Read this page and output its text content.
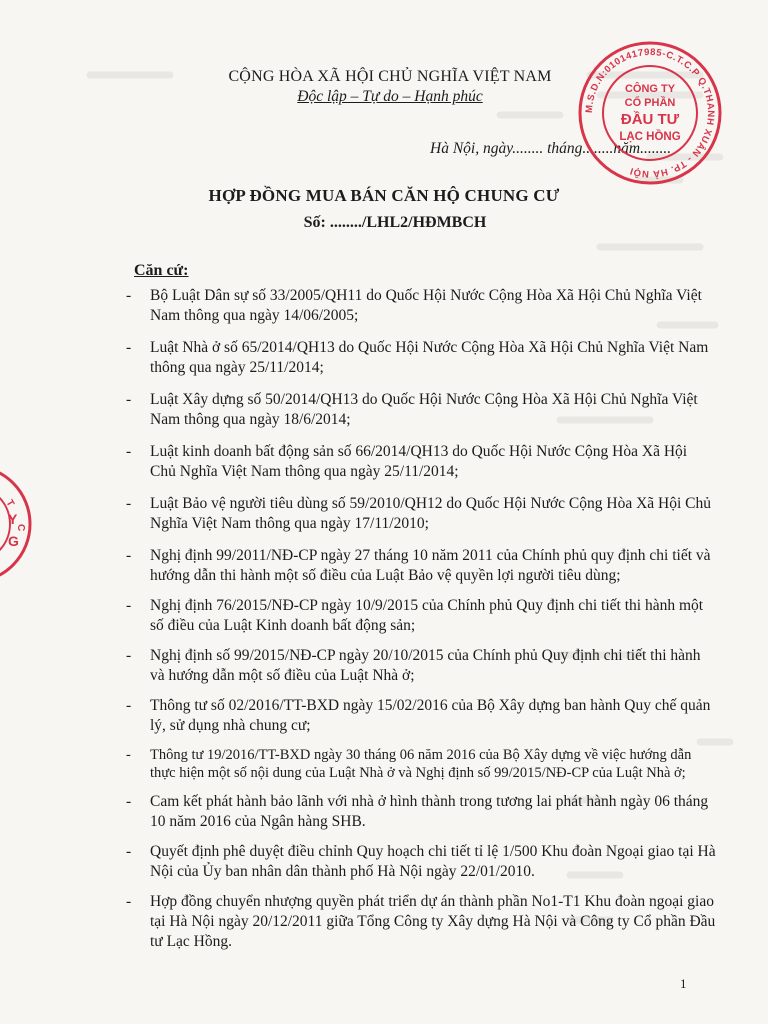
CỘNG HÒA XÃ HỘI CHỦ NGHĨA VIỆT NAM
Độc lập – Tự do – Hạnh phúc
Hà Nội, ngày........ tháng........năm........
HỢP ĐỒNG MUA BÁN CĂN HỘ CHUNG CƯ
Số: ......../LHL2/HĐMBCH
Căn cứ:
-	Bộ Luật Dân sự số 33/2005/QH11 do Quốc Hội Nước Cộng Hòa Xã Hội Chủ Nghĩa Việt Nam thông qua ngày 14/06/2005;
-	Luật Nhà ở số 65/2014/QH13 do Quốc Hội Nước Cộng Hòa Xã Hội Chủ Nghĩa Việt Nam thông qua ngày 25/11/2014;
-	Luật Xây dựng số 50/2014/QH13 do Quốc Hội Nước Cộng Hòa Xã Hội Chủ Nghĩa Việt Nam thông qua ngày 18/6/2014;
-	Luật kinh doanh bất động sản số 66/2014/QH13 do Quốc Hội Nước Cộng Hòa Xã Hội Chủ Nghĩa Việt Nam thông qua ngày 25/11/2014;
-	Luật Bảo vệ người tiêu dùng số 59/2010/QH12 do Quốc Hội Nước Cộng Hòa Xã Hội Chủ Nghĩa Việt Nam thông qua ngày 17/11/2010;
-	Nghị định 99/2011/NĐ-CP ngày 27 tháng 10 năm 2011 của Chính phủ quy định chi tiết và hướng dẫn thi hành một số điều của Luật Bảo vệ quyền lợi người tiêu dùng;
-	Nghị định 76/2015/NĐ-CP ngày 10/9/2015 của Chính phủ Quy định chi tiết thi hành một số điều của Luật Kinh doanh bất động sản;
-	Nghị định số 99/2015/NĐ-CP ngày 20/10/2015 của Chính phủ Quy định chi tiết thi hành và hướng dẫn một số điều của Luật Nhà ở;
-	Thông tư số 02/2016/TT-BXD ngày 15/02/2016 của Bộ Xây dựng ban hành Quy chế quản lý, sử dụng nhà chung cư;
-	Thông tư 19/2016/TT-BXD ngày 30 tháng 06 năm 2016 của Bộ Xây dựng về việc hướng dẫn thực hiện một số nội dung của Luật Nhà ở và Nghị định số 99/2015/NĐ-CP của Luật Nhà ở;
-	Cam kết phát hành bảo lãnh với nhà ở hình thành trong tương lai phát hành ngày 06 tháng 10 năm 2016 của Ngân hàng SHB.
-	Quyết định phê duyệt điều chỉnh Quy hoạch chi tiết tỉ lệ 1/500 Khu đoàn Ngoại giao tại Hà Nội của Ủy ban nhân dân thành phố Hà Nội ngày 22/01/2010.
-	Hợp đồng chuyển nhượng quyền phát triển dự án thành phần No1-T1 Khu đoàn ngoại giao tại Hà Nội ngày 20/12/2011 giữa Tổng Công ty Xây dựng Hà Nội và Công ty Cổ phần Đầu tư Lạc Hồng.
M.S.D.N:0101417985-C.T.C.P Q.THANH XUÂN - TP. HÀ NỘI
CÔNG TY
CỔ PHẦN
ĐẦU TƯ
LẠC HỒNG
T
C
Y
G
1
